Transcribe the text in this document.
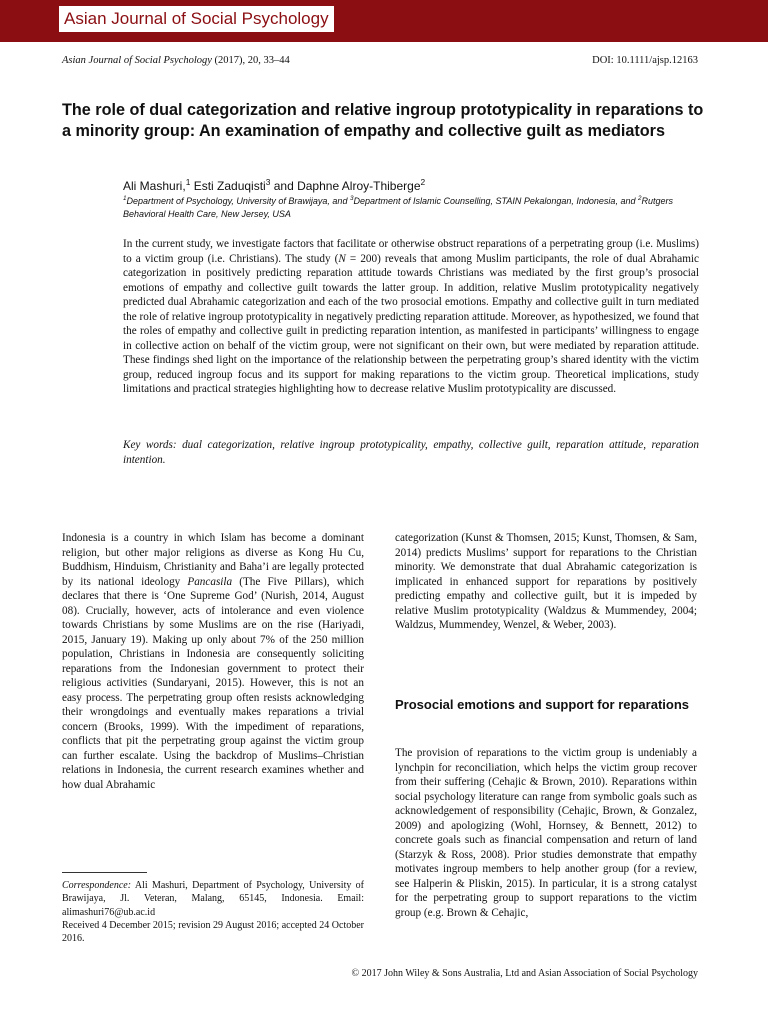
Asian Journal of Social Psychology
Asian Journal of Social Psychology (2017), 20, 33–44	DOI: 10.1111/ajsp.12163
The role of dual categorization and relative ingroup prototypicality in reparations to a minority group: An examination of empathy and collective guilt as mediators
Ali Mashuri,$^1$ Esti Zaduqisti$^3$ and Daphne Alroy-Thiberge$^2$
$^1$Department of Psychology, University of Brawijaya, and $^3$Department of Islamic Counselling, STAIN Pekalongan, Indonesia, and $^2$Rutgers Behavioral Health Care, New Jersey, USA

In the current study, we investigate factors that facilitate or otherwise obstruct reparations of a perpetrating group (i.e. Muslims) to a victim group (i.e. Christians). The study (N = 200) reveals that among Muslim participants, the role of dual Abrahamic categorization in positively predicting reparation attitude towards Christians was mediated by the first group’s prosocial emotions of empathy and collective guilt towards the latter group. In addition, relative Muslim prototypicality negatively predicted dual Abrahamic categorization and each of the two prosocial emotions. Empathy and collective guilt in turn mediated the role of relative ingroup prototypicality in negatively predicting reparation attitude. Moreover, as hypothesized, we found that the roles of empathy and collective guilt in predicting reparation intention, as manifested in participants’ willingness to engage in collective action on behalf of the victim group, were not significant on their own, but were mediated by reparation attitude. These findings shed light on the importance of the relationship between the perpetrating group’s shared identity with the victim group, reduced ingroup focus and its support for making reparations to the victim group. Theoretical implications, study limitations and practical strategies highlighting how to decrease relative Muslim prototypicality are discussed.

Key words: dual categorization, relative ingroup prototypicality, empathy, collective guilt, reparation attitude, reparation intention.

Indonesia is a country in which Islam has become a dominant religion, but other major religions as diverse as Kong Hu Cu, Buddhism, Hinduism, Christianity and Baha’i are legally protected by its national ideology Pancasila (The Five Pillars), which declares that there is ‘One Supreme God’ (Nurish, 2014, August 08). Crucially, however, acts of intolerance and even violence towards Christians by some Muslims are on the rise (Hariyadi, 2015, January 19). Making up only about 7% of the 250 million population, Christians in Indonesia are consequently soliciting reparations from the Indonesian government to protect their religious activities (Sundaryani, 2015). However, this is not an easy process. The perpetrating group often resists acknowledging their wrongdoings and eventually makes reparations a trivial concern (Brooks, 1999). With the impediment of reparations, conflicts that pit the perpetrating group against the victim group can further escalate. Using the backdrop of Muslims–Christian relations in Indonesia, the current research examines whether and how dual Abrahamic

categorization (Kunst & Thomsen, 2015; Kunst, Thomsen, & Sam, 2014) predicts Muslims’ support for reparations to the Christian minority. We demonstrate that dual Abrahamic categorization is implicated in enhanced support for reparations by positively predicting empathy and collective guilt, but it is impeded by relative Muslim prototypicality (Waldzus & Mummendey, 2004; Waldzus, Mummendey, Wenzel, & Weber, 2003).

Prosocial emotions and support for reparations

The provision of reparations to the victim group is undeniably a lynchpin for reconciliation, which helps the victim group recover from their suffering (Cehajic & Brown, 2010). Reparations within social psychology literature can range from symbolic goals such as acknowledgement of responsibility (Cehajic, Brown, & Gonzalez, 2009) and apologizing (Wohl, Hornsey, & Bennett, 2012) to concrete goals such as financial compensation and return of land (Starzyk & Ross, 2008). Prior studies demonstrate that empathy motivates ingroup members to help another group (for a review, see Halperin & Pliskin, 2015). In particular, it is a strong catalyst for the perpetrating group to support reparations to the victim group (e.g. Brown & Cehajic,

Correspondence: Ali Mashuri, Department of Psychology, University of Brawijaya, Jl. Veteran, Malang, 65145, Indonesia. Email: alimashuri76@ub.ac.id
Received 4 December 2015; revision 29 August 2016; accepted 24 October 2016.

© 2017 John Wiley & Sons Australia, Ltd and Asian Association of Social Psychology
